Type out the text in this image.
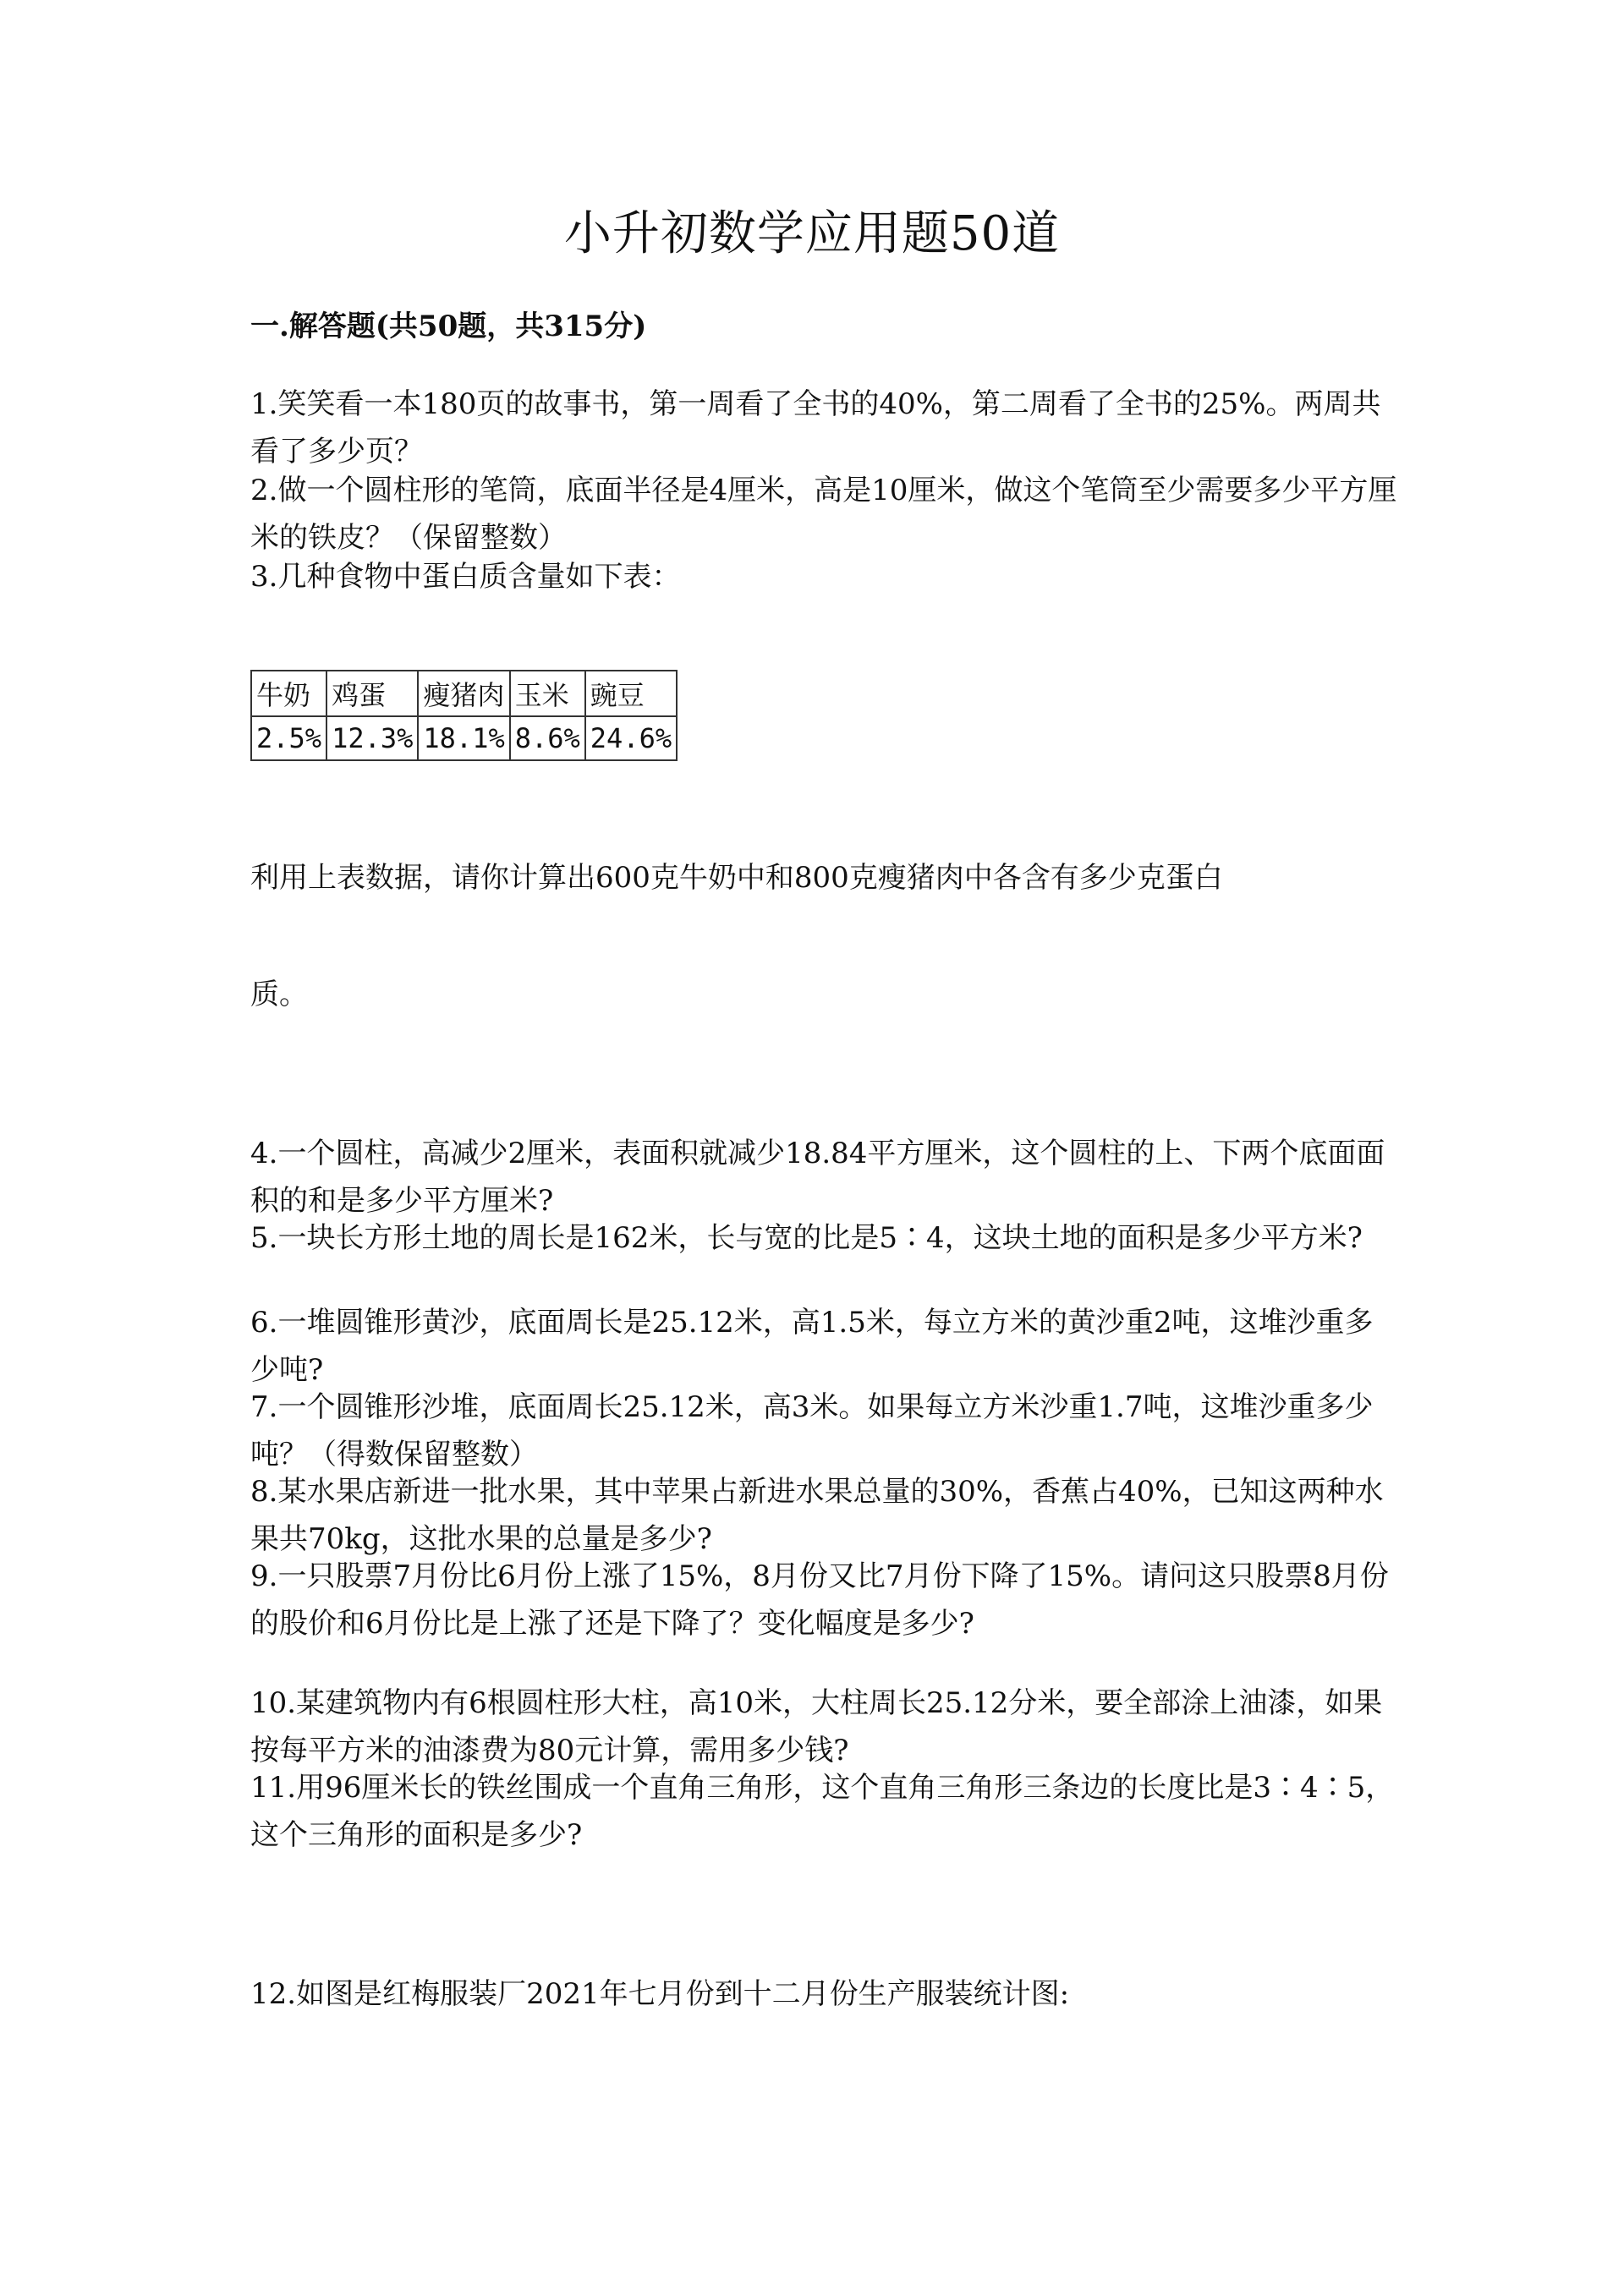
小升初数学应用题50道
一.解答题(共50题，共315分)
1.笑笑看一本180页的故事书，第一周看了全书的40%，第二周看了全书的25%。两周共看了多少页？
2.做一个圆柱形的笔筒，底面半径是4厘米，高是10厘米，做这个笔筒至少需要多少平方厘米的铁皮？（保留整数）
3.几种食物中蛋白质含量如下表：
牛奶	鸡蛋	瘦猪肉	玉米	豌豆
2.5%	12.3%	18.1%	8.6%	24.6%
利用上表数据，请你计算出600克牛奶中和800克瘦猪肉中各含有多少克蛋白
质。
4.一个圆柱，高减少2厘米，表面积就减少18.84平方厘米，这个圆柱的上、下两个底面面积的和是多少平方厘米?
5.一块长方形土地的周长是162米，长与宽的比是5∶4，这块土地的面积是多少平方米?
6.一堆圆锥形黄沙，底面周长是25.12米，高1.5米，每立方米的黄沙重2吨，这堆沙重多少吨?
7.一个圆锥形沙堆，底面周长25.12米，高3米。如果每立方米沙重1.7吨，这堆沙重多少吨？（得数保留整数）
8.某水果店新进一批水果，其中苹果占新进水果总量的30%，香蕉占40%，已知这两种水果共70kg，这批水果的总量是多少?
9.一只股票7月份比6月份上涨了15%，8月份又比7月份下降了15%。请问这只股票8月份的股价和6月份比是上涨了还是下降了？变化幅度是多少?
10.某建筑物内有6根圆柱形大柱，高10米，大柱周长25.12分米，要全部涂上油漆，如果按每平方米的油漆费为80元计算，需用多少钱?
11.用96厘米长的铁丝围成一个直角三角形，这个直角三角形三条边的长度比是3∶4∶5，这个三角形的面积是多少?
12.如图是红梅服装厂2021年七月份到十二月份生产服装统计图:
